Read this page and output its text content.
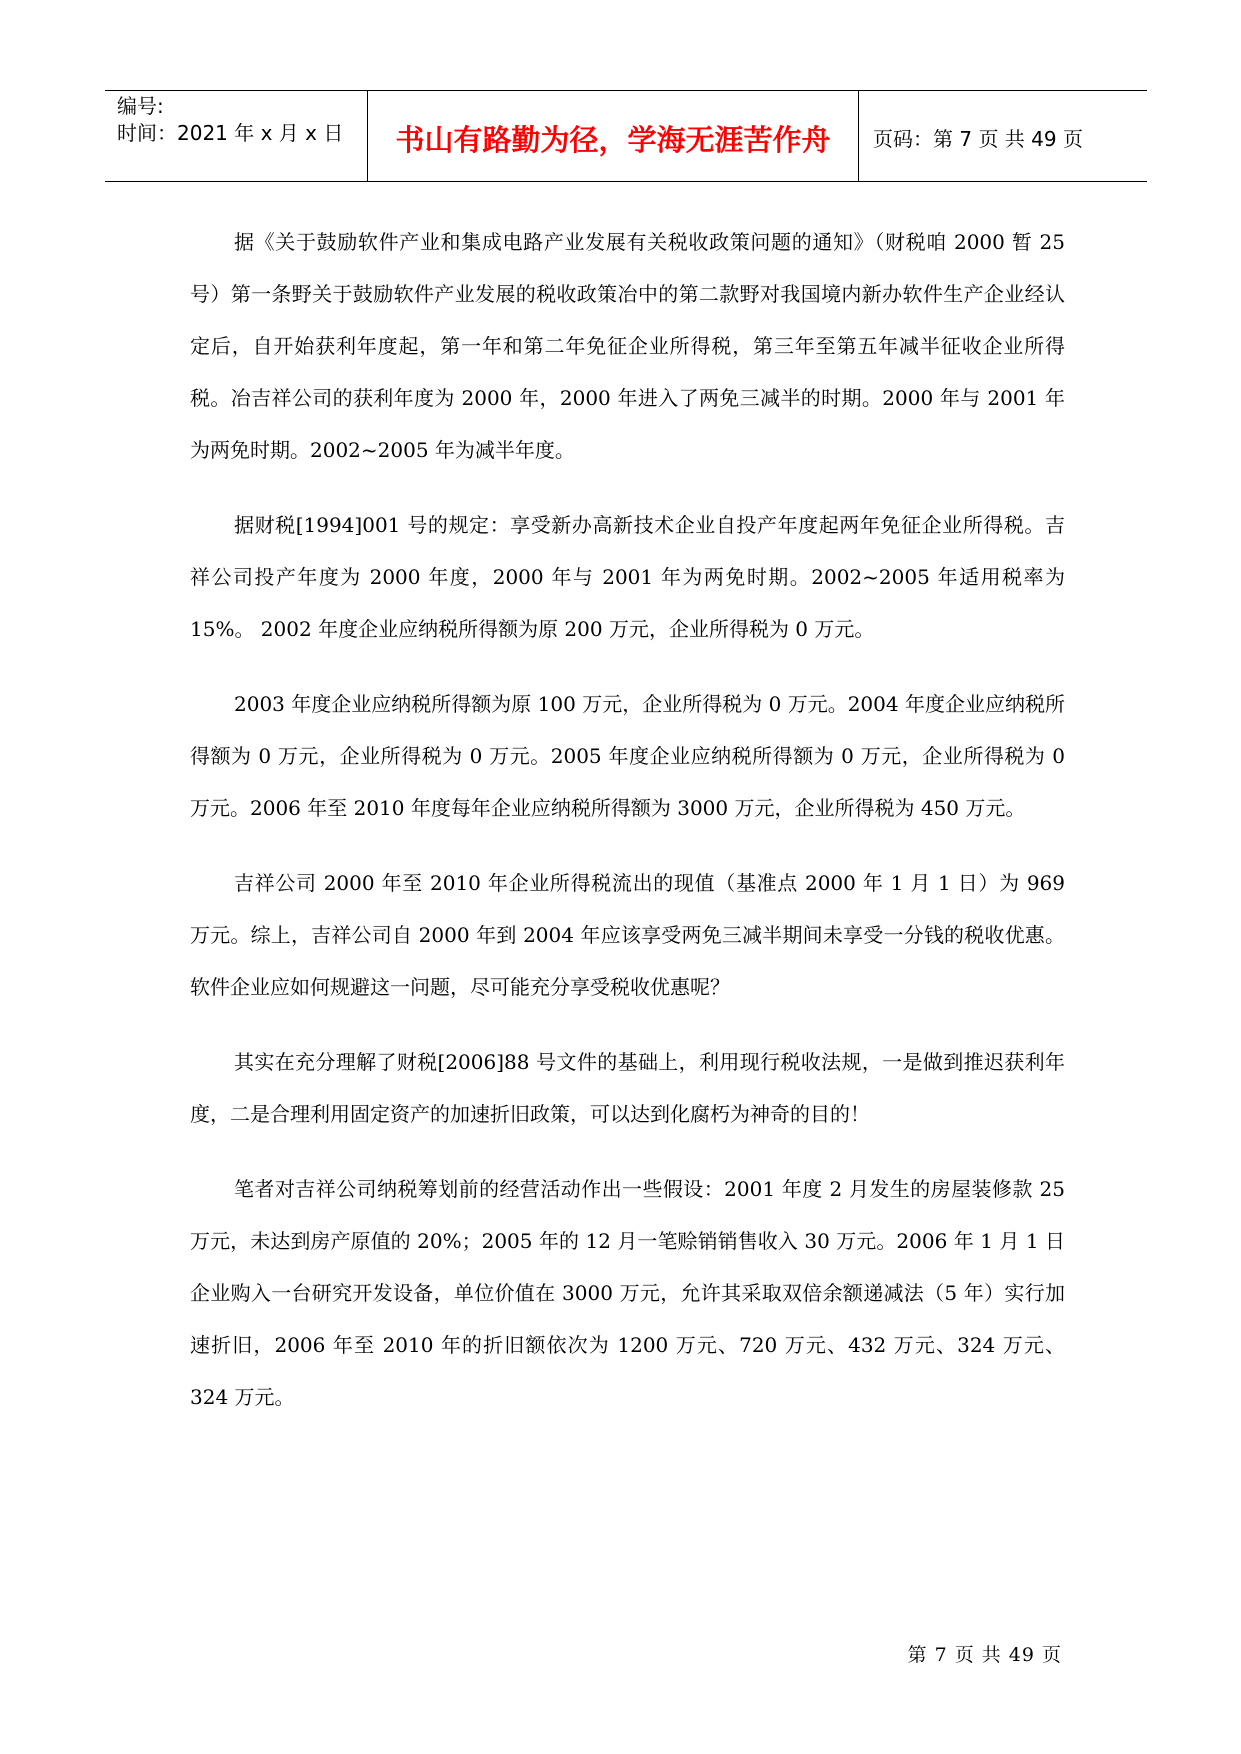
编号:
时间：2021 年 x 月 x 日	书山有路勤为径，学海无涯苦作舟 页码：第 7 页 共 49 页

据《关于鼓励软件产业和集成电路产业发展有关税收政策问题的通知》（财税咱 2000 暂 25 号）第一条野关于鼓励软件产业发展的税收政策冶中的第二款野对我国境内新办软件生产企业经认定后，自开始获利年度起，第一年和第二年免征企业所得税，第三年至第五年减半征收企业所得税。冶吉祥公司的获利年度为 2000 年，2000 年进入了两免三减半的时期。2000 年与 2001 年为两免时期。2002~2005 年为减半年度。

据财税[1994]001 号的规定：享受新办高新技术企业自投产年度起两年免征企业所得税。吉祥公司投产年度为 2000 年度，2000 年与 2001 年为两免时期。2002~2005 年适用税率为 15%。 2002 年度企业应纳税所得额为原 200 万元，企业所得税为 0 万元。

2003 年度企业应纳税所得额为原 100 万元，企业所得税为 0 万元。2004 年度企业应纳税所得额为 0 万元，企业所得税为 0 万元。2005 年度企业应纳税所得额为 0 万元，企业所得税为 0 万元。2006 年至 2010 年度每年企业应纳税所得额为 3000 万元，企业所得税为 450 万元。

吉祥公司 2000 年至 2010 年企业所得税流出的现值（基准点 2000 年 1 月 1 日）为 969 万元。综上，吉祥公司自 2000 年到 2004 年应该享受两免三减半期间未享受一分钱的税收优惠。软件企业应如何规避这一问题，尽可能充分享受税收优惠呢？

其实在充分理解了财税[2006]88 号文件的基础上，利用现行税收法规，一是做到推迟获利年度，二是合理利用固定资产的加速折旧政策，可以达到化腐朽为神奇的目的！

笔者对吉祥公司纳税筹划前的经营活动作出一些假设：2001 年度 2 月发生的房屋装修款 25 万元，未达到房产原值的 20%；2005 年的 12 月一笔赊销销售收入 30 万元。2006 年 1 月 1 日企业购入一台研究开发设备，单位价值在 3000 万元，允许其采取双倍余额递减法（5 年）实行加速折旧，2006 年至 2010 年的折旧额依次为 1200 万元、720 万元、432 万元、324 万元、324 万元。

第 7 页 共 49 页
